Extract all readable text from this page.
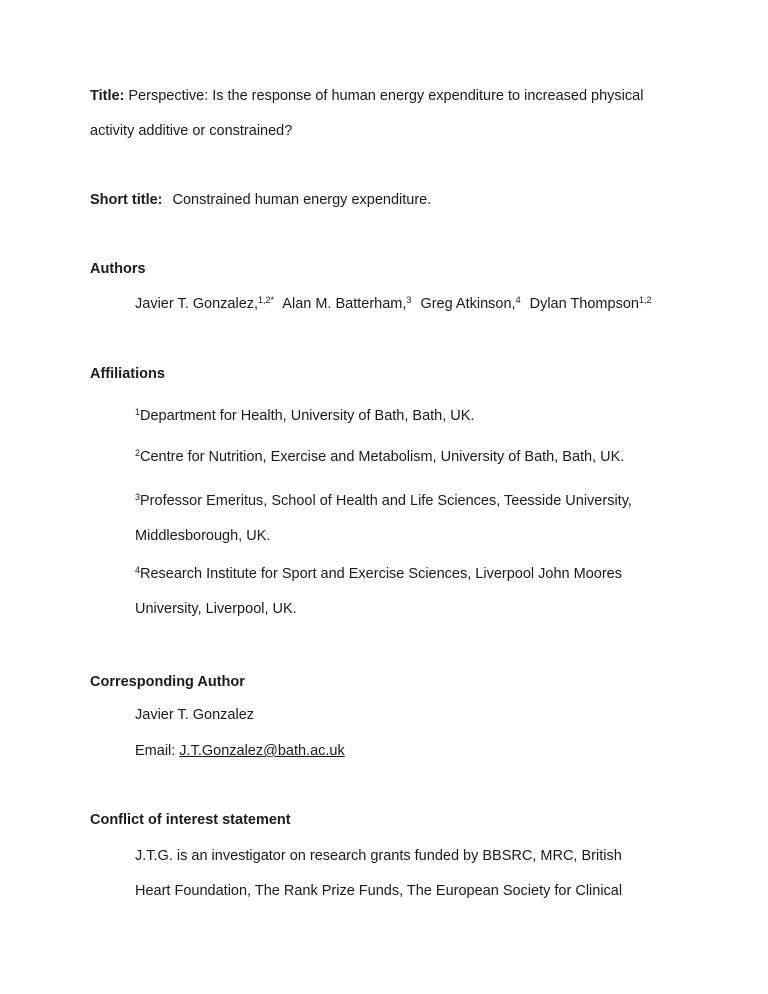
Title: Perspective: Is the response of human energy expenditure to increased physical
activity additive or constrained?
Short title: Constrained human energy expenditure.
Authors
Javier T. Gonzalez,$^{1,2*}$ Alan M. Batterham,$^3$ Greg Atkinson,$^4$ Dylan Thompson$^{1,2}$
Affiliations
$^1$Department for Health, University of Bath, Bath, UK.
$^2$Centre for Nutrition, Exercise and Metabolism, University of Bath, Bath, UK.
$^3$Professor Emeritus, School of Health and Life Sciences, Teesside University,
Middlesborough, UK.
$^4$Research Institute for Sport and Exercise Sciences, Liverpool John Moores
University, Liverpool, UK.
Corresponding Author
Javier T. Gonzalez
Email: J.T.Gonzalez@bath.ac.uk
Conflict of interest statement
J.T.G. is an investigator on research grants funded by BBSRC, MRC, British
Heart Foundation, The Rank Prize Funds, The European Society for Clinical
